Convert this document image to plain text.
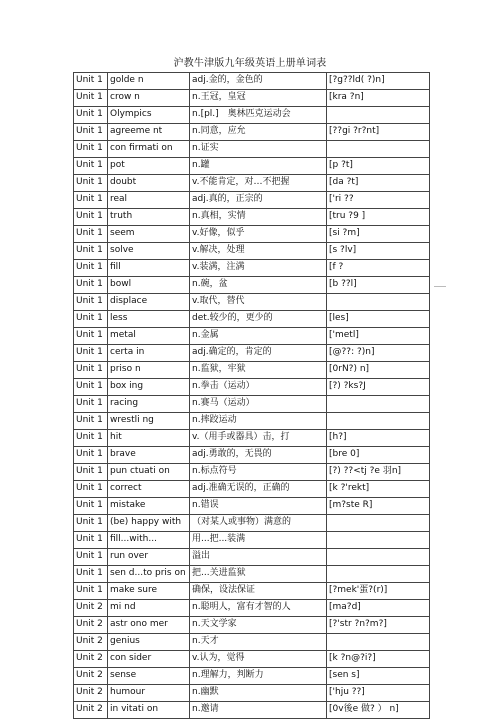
沪教牛津版九年级英语上册单词表
Unit 1	golde n	adj.金的，金色的	[?g??ld( ?)n]
Unit 1	crow n	n.王冠，皇冠	[kra ?n]
Unit 1	Olympics	n.[pl.]　奥林匹克运动会	
Unit 1	agreeme nt	n.同意，应允	[??gi ?r?nt]
Unit 1	con firmati on	n.证实	
Unit 1	pot	n.罐	[p ?t]
Unit 1	doubt	v.不能肯定，对…不把握	[da ?t]
Unit 1	real	adj.真的，正宗的	['ri ??
Unit 1	truth	n.真相，实情	[tru ?9 ]
Unit 1	seem	v.好像，似乎	[si ?m]
Unit 1	solve	v.解决，处理	[s ?lv]
Unit 1	fill	v.装满，注满	[f ?
Unit 1	bowl	n.碗，盆	[b ??l]
Unit 1	displace	v.取代，替代	
Unit 1	less	det.较少的，更少的	[les]
Unit 1	metal	n.金属	['metl]
Unit 1	certa in	adj.确定的，肯定的	[@??: ?)n]
Unit 1	priso n	n.监狱，牢狱	[0rN?) n]
Unit 1	box ing	n.拳击（运动）	[?) ?ks?J
Unit 1	racing	n.赛马（运动）	
Unit 1	wrestli ng	n.摔跤运动	
Unit 1	hit	v.（用手或器具）击，打	[h?]
Unit 1	brave	adj.勇敢的，无畏的	[bre 0]
Unit 1	pun ctuati on	n.标点符号	[?) ??<tj ?e 羽n]
Unit 1	correct	adj.准确无误的，正确的	[k ?'rekt]
Unit 1	mistake	n.错误	[m?ste R]
Unit 1	(be) happy with	（对某人或事物）满意的	
Unit 1	fill...with...	用...把...装满	
Unit 1	run over	溢出	
Unit 1	sen d...to pris on	把...关进监狱	
Unit 1	make sure	确保，设法保证	[?mek'蛋?(r)]
Unit 2	mi nd	n.聪明人，富有才智的人	[ma?d]
Unit 2	astr ono mer	n.天文学家	[?'str ?n?m?]
Unit 2	genius	n.天才	
Unit 2	con sider	v.认为，觉得	[k ?n@?i?]
Unit 2	sense	n.理解力，判断力	[sen s]
Unit 2	humour	n.幽默	['hju ??]
Unit 2	in vitati on	n.邀请	[0v後e 做? ） n]
